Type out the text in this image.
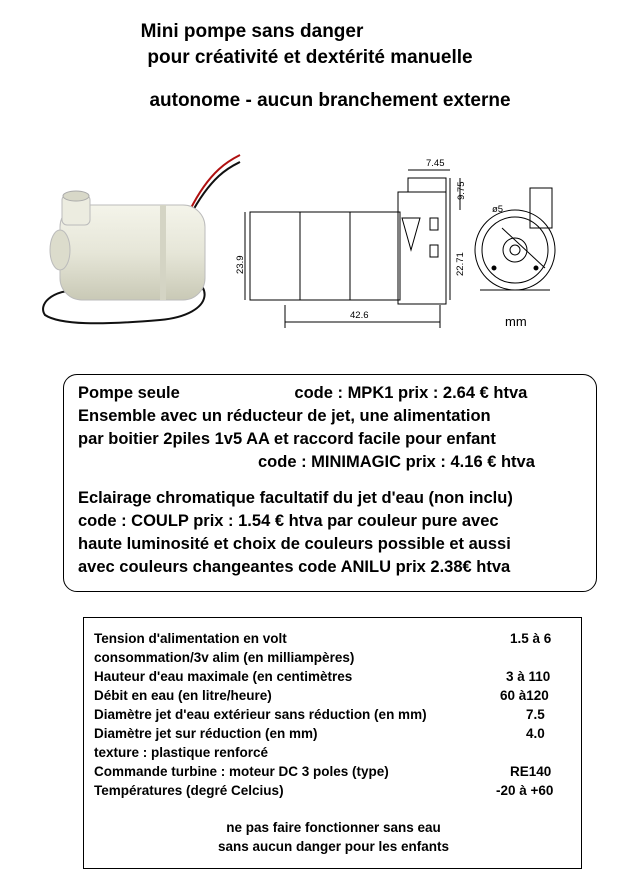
Mini pompe sans danger
pour créativité et dextérité manuelle
autonome - aucun branchement externe
7.45
9.75
ø5
23.9	22.71
42.6	mm
Pompe seule	code : MPK1 prix : 2.64 € htva
Ensemble avec un réducteur de jet, une alimentation
par boitier 2piles 1v5 AA et raccord facile pour enfant
code : MINIMAGIC prix : 4.16 € htva
Eclairage chromatique facultatif du jet d'eau (non inclu)
code : COULP prix : 1.54 € htva par couleur pure avec
haute luminosité et choix de couleurs possible et aussi
avec couleurs changeantes code ANILU prix 2.38€ htva
Tension d'alimentation en volt	1.5 à 6
consommation/3v alim (en milliampères)
Hauteur d'eau maximale (en centimètres	3 à 110
Débit en eau (en litre/heure)	60 à120
Diamètre jet d'eau extérieur sans réduction (en mm)	7.5
Diamètre jet sur réduction (en mm)	4.0
texture : plastique renforcé
Commande turbine : moteur DC 3 poles (type)	RE140
Températures (degré Celcius)	-20 à +60
ne pas faire fonctionner sans eau
sans aucun danger pour les enfants
